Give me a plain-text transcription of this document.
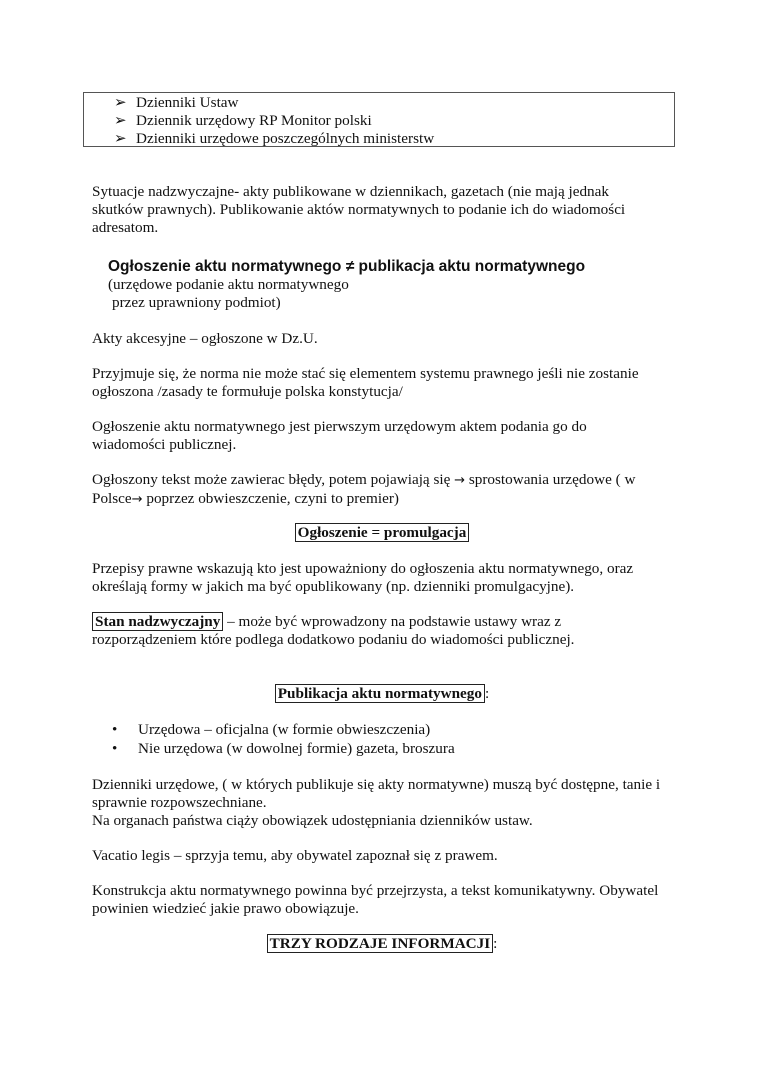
➢ Dzienniki Ustaw
➢ Dziennik urzędowy RP Monitor polski
➢ Dzienniki urzędowe poszczególnych ministerstw
Sytuacje nadzwyczajne- akty publikowane w dziennikach, gazetach (nie mają jednak
skutków prawnych). Publikowanie aktów normatywnych to podanie ich do wiadomości
adresatom.
Ogłoszenie aktu normatywnego ≠ publikacja aktu normatywnego
(urzędowe podanie aktu normatywnego
przez uprawniony podmiot)
Akty akcesyjne – ogłoszone w Dz.U.
Przyjmuje się, że norma nie może stać się elementem systemu prawnego jeśli nie zostanie
ogłoszona /zasady te formułuje polska konstytucja/
Ogłoszenie aktu normatywnego jest pierwszym urzędowym aktem podania go do
wiadomości publicznej.
Ogłoszony tekst może zawierac błędy, potem pojawiają się → sprostowania urzędowe ( w
Polsce→ poprzez obwieszczenie, czyni to premier)
Ogłoszenie = promulgacja
Przepisy prawne wskazują kto jest upoważniony do ogłoszenia aktu normatywnego, oraz
określają formy w jakich ma być opublikowany (np. dzienniki promulgacyjne).
Stan nadzwyczajny – może być wprowadzony na podstawie ustawy wraz z
rozporządzeniem które podlega dodatkowo podaniu do wiadomości publicznej.
Publikacja aktu normatywnego :
• Urzędowa – oficjalna (w formie obwieszczenia)
• Nie urzędowa (w dowolnej formie) gazeta, broszura
Dzienniki urzędowe, ( w których publikuje się akty normatywne) muszą być dostępne, tanie i
sprawnie rozpowszechniane.
Na organach państwa ciąży obowiązek udostępniania dzienników ustaw.
Vacatio legis – sprzyja temu, aby obywatel zapoznał się z prawem.
Konstrukcja aktu normatywnego powinna być przejrzysta, a tekst komunikatywny. Obywatel
powinien wiedzieć jakie prawo obowiązuje.
TRZY RODZAJE INFORMACJI :
